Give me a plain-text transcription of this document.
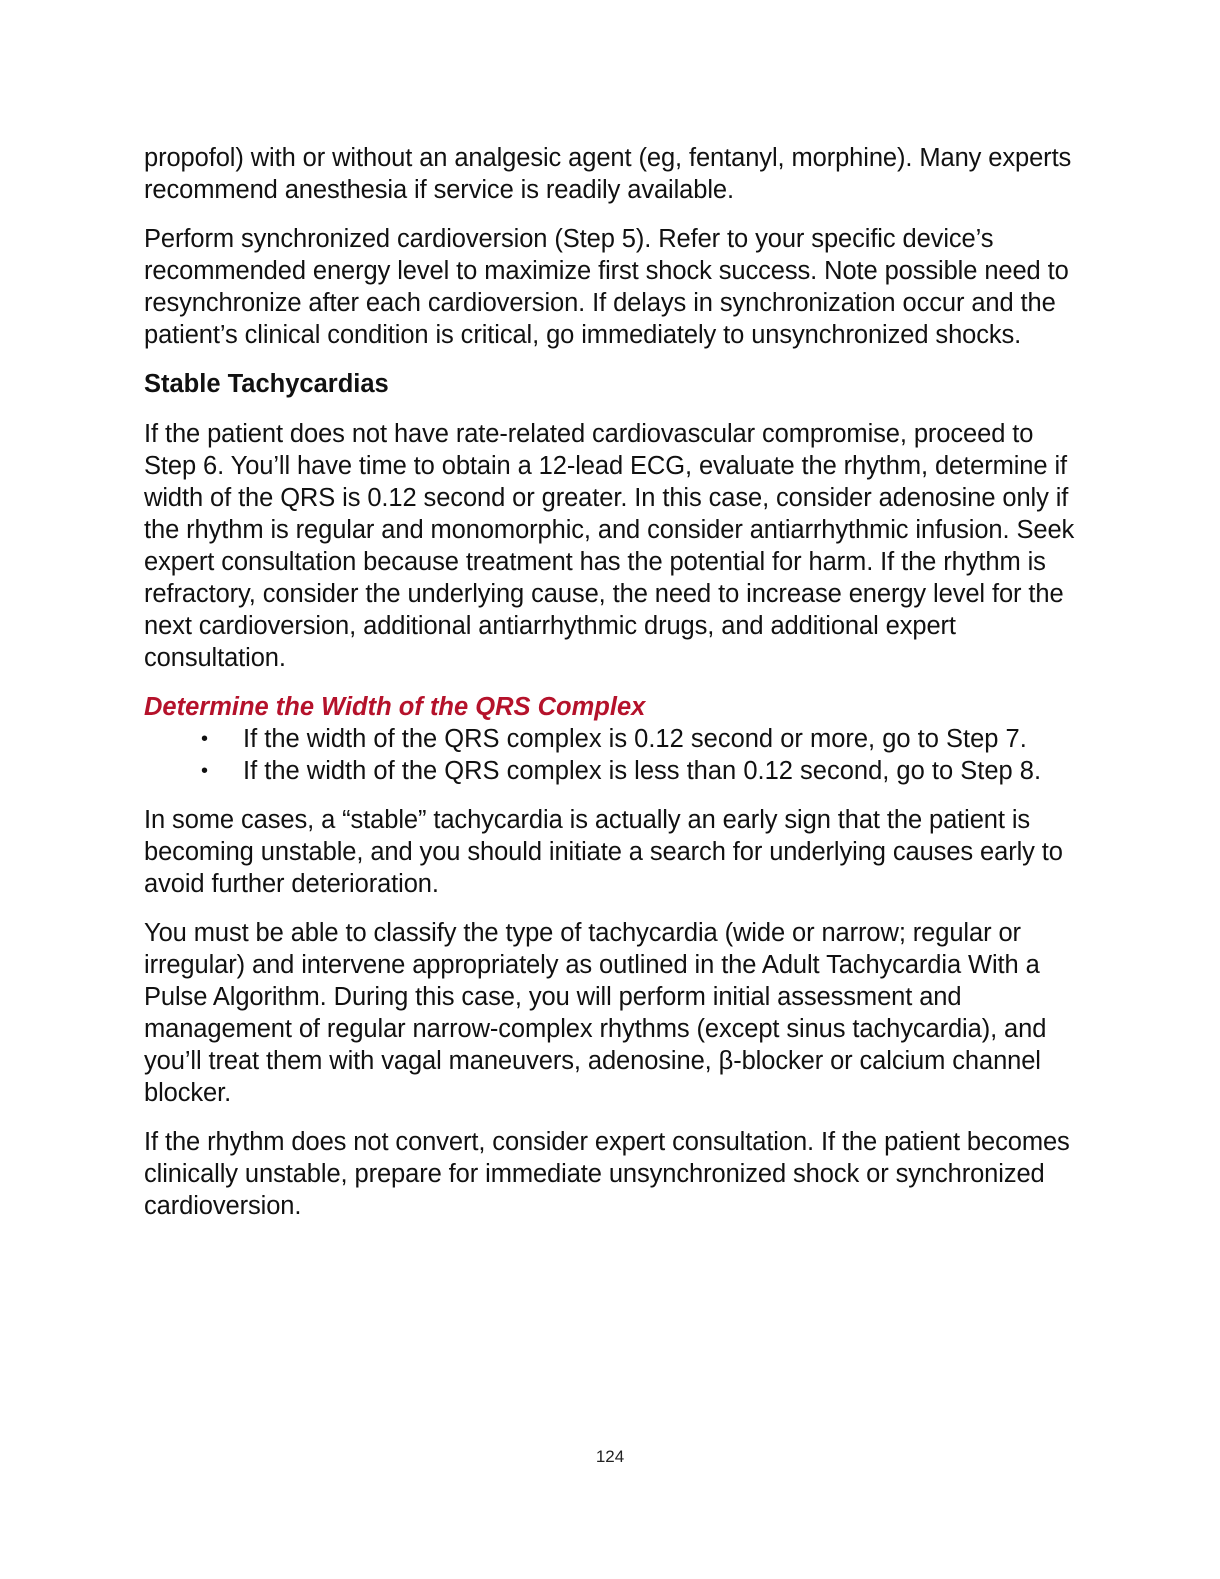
propofol) with or without an analgesic agent (eg, fentanyl, morphine). Many experts recommend anesthesia if service is readily available.

Perform synchronized cardioversion (Step 5). Refer to your specific device’s recommended energy level to maximize first shock success. Note possible need to resynchronize after each cardioversion. If delays in synchronization occur and the patient’s clinical condition is critical, go immediately to unsynchronized shocks.

Stable Tachycardias

If the patient does not have rate-related cardiovascular compromise, proceed to Step 6. You’ll have time to obtain a 12-lead ECG, evaluate the rhythm, determine if width of the QRS is 0.12 second or greater. In this case, consider adenosine only if the rhythm is regular and monomorphic, and consider antiarrhythmic infusion. Seek expert consultation because treatment has the potential for harm. If the rhythm is refractory, consider the underlying cause, the need to increase energy level for the next cardioversion, additional antiarrhythmic drugs, and additional expert consultation.

Determine the Width of the QRS Complex
• If the width of the QRS complex is 0.12 second or more, go to Step 7.
• If the width of the QRS complex is less than 0.12 second, go to Step 8.

In some cases, a “stable” tachycardia is actually an early sign that the patient is becoming unstable, and you should initiate a search for underlying causes early to avoid further deterioration.

You must be able to classify the type of tachycardia (wide or narrow; regular or irregular) and intervene appropriately as outlined in the Adult Tachycardia With a Pulse Algorithm. During this case, you will perform initial assessment and management of regular narrow-complex rhythms (except sinus tachycardia), and you’ll treat them with vagal maneuvers, adenosine, β-blocker or calcium channel blocker.

If the rhythm does not convert, consider expert consultation. If the patient becomes clinically unstable, prepare for immediate unsynchronized shock or synchronized cardioversion.

124
